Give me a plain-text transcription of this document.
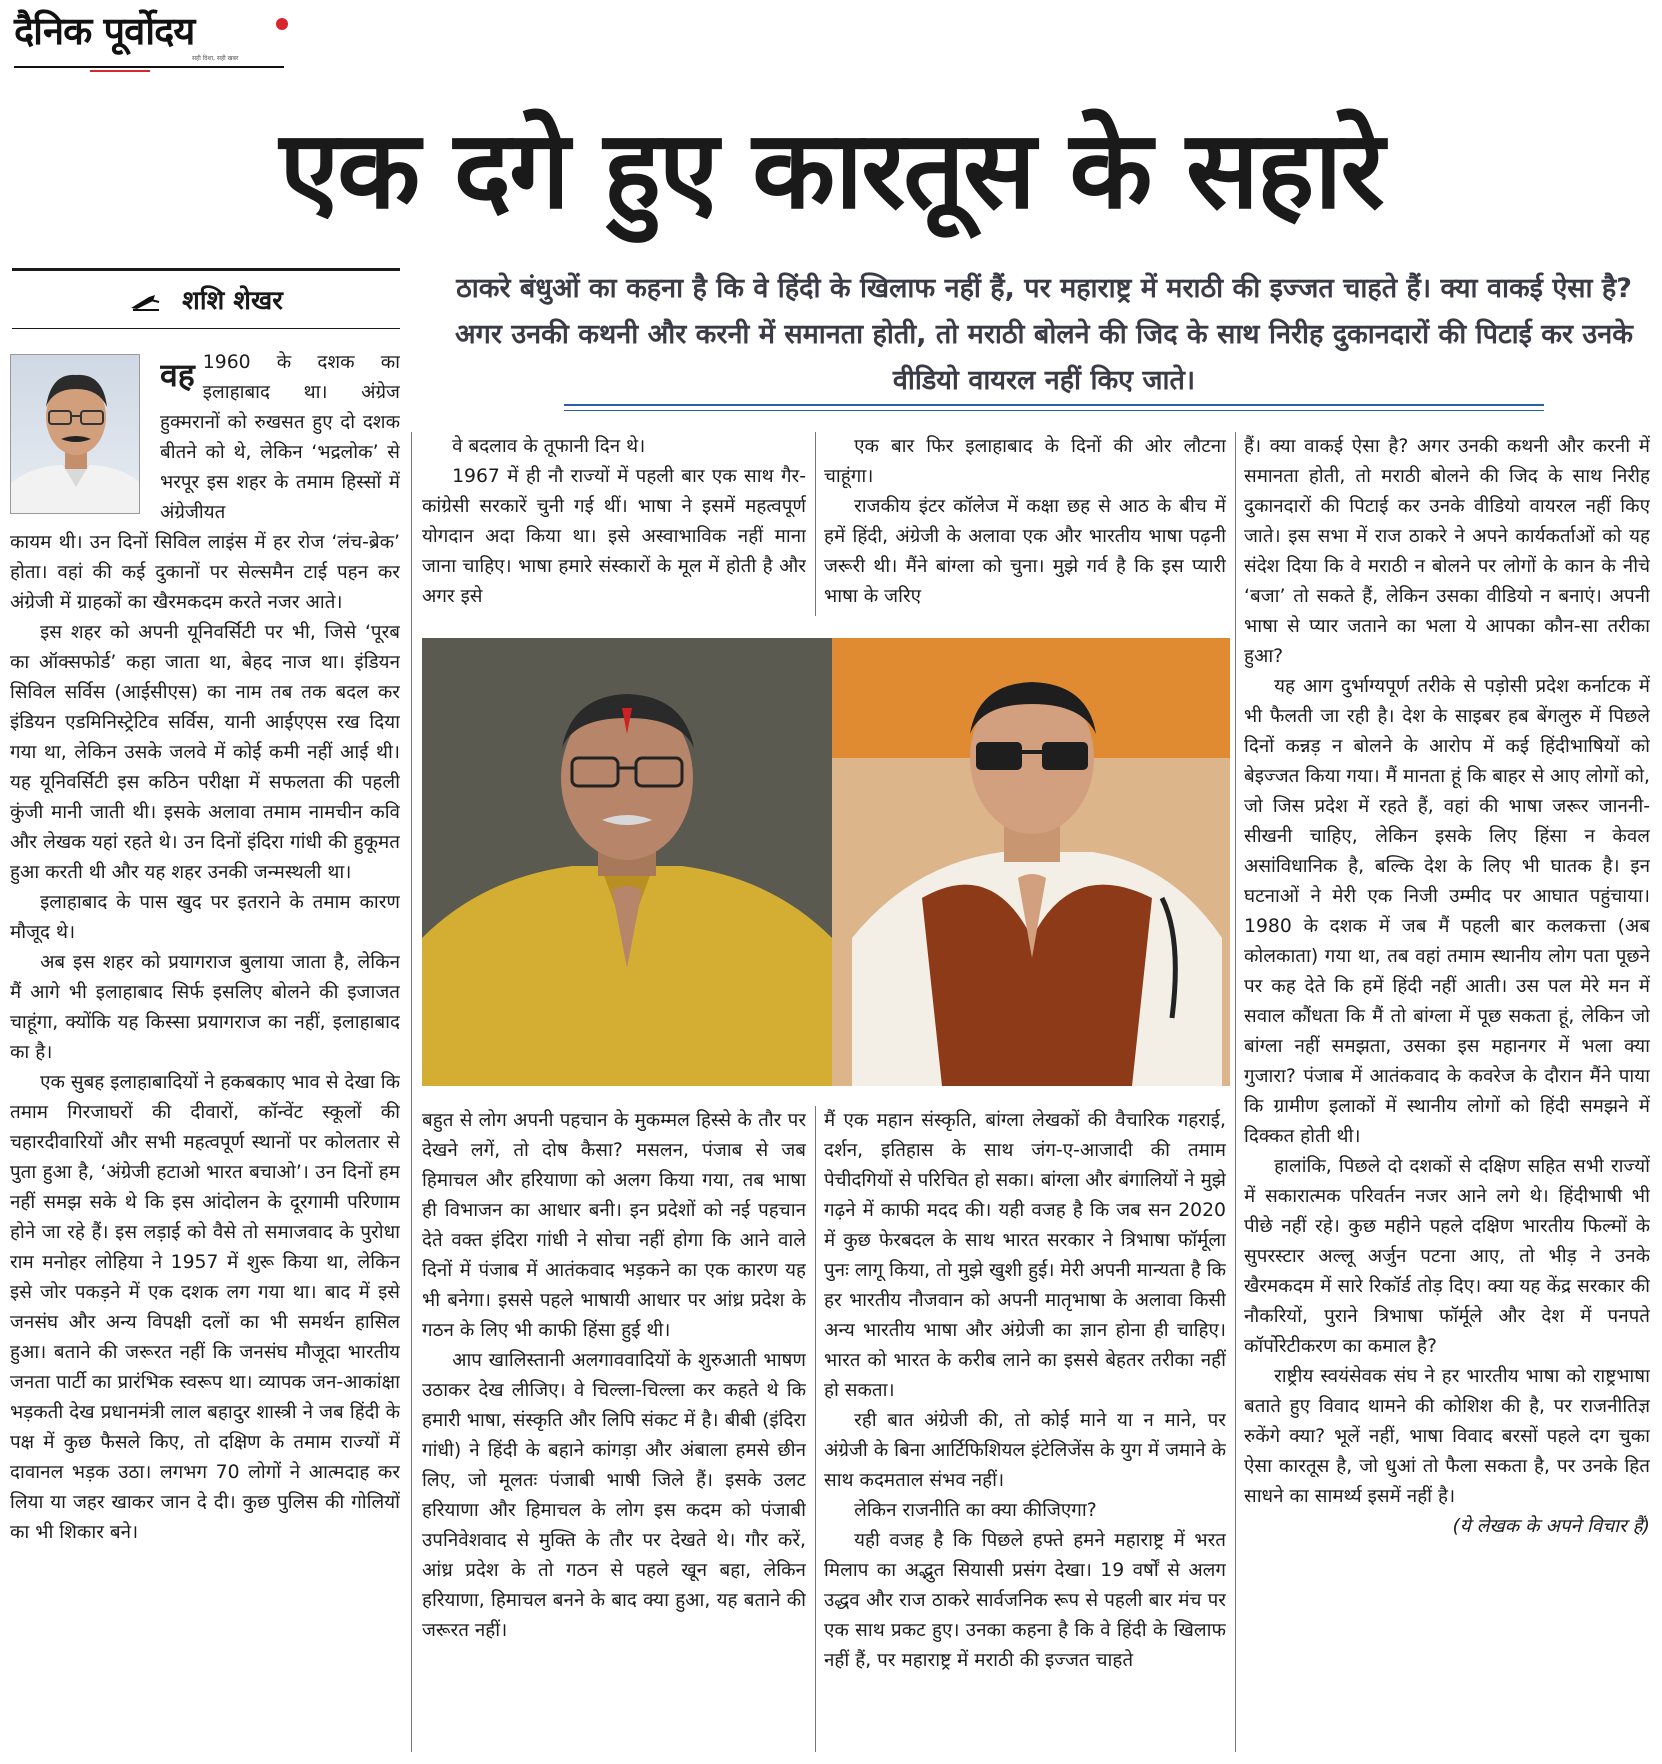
दैनिक पूर्वोदय
सही दिशा, सही खबर
एक दगे हुए कारतूस के सहारे
शशि शेखर	ठाकरे बंधुओं का कहना है कि वे हिंदी के खिलाफ नहीं हैं, पर महाराष्ट्र में मराठी की इज्जत चाहते हैं। क्या वाकई ऐसा है? अगर उनकी कथनी और करनी में समानता होती, तो मराठी बोलने की जिद के साथ निरीह दुकानदारों की पिटाई कर उनके वीडियो वायरल नहीं किए जाते।
वह 1960 के दशक का इलाहाबाद था। अंग्रेज हुक्मरानों को रुखसत हुए दो दशक बीतने को थे, लेकिन ‘भद्रलोक’ से भरपूर इस शहर के तमाम हिस्सों में अंग्रेजीयत

कायम थी। उन दिनों सिविल लाइंस में हर रोज ‘लंच-ब्रेक’ होता। वहां की कई दुकानों पर सेल्समैन टाई पहन कर अंग्रेजी में ग्राहकों का खैरमकदम करते नजर आते।

इस शहर को अपनी यूनिवर्सिटी पर भी, जिसे ‘पूरब का ऑक्सफोर्ड’ कहा जाता था, बेहद नाज था। इंडियन सिविल सर्विस (आईसीएस) का नाम तब तक बदल कर इंडियन एडमिनिस्ट्रेटिव सर्विस, यानी आईएएस रख दिया गया था, लेकिन उसके जलवे में कोई कमी नहीं आई थी। यह यूनिवर्सिटी इस कठिन परीक्षा में सफलता की पहली कुंजी मानी जाती थी। इसके अलावा तमाम नामचीन कवि और लेखक यहां रहते थे। उन दिनों इंदिरा गांधी की हुकूमत हुआ करती थी और यह शहर उनकी जन्मस्थली था।

इलाहाबाद के पास खुद पर इतराने के तमाम कारण मौजूद थे।

अब इस शहर को प्रयागराज बुलाया जाता है, लेकिन मैं आगे भी इलाहाबाद सिर्फ इसलिए बोलने की इजाजत चाहूंगा, क्योंकि यह किस्सा प्रयागराज का नहीं, इलाहाबाद का है।

एक सुबह इलाहाबादियों ने हकबकाए भाव से देखा कि तमाम गिरजाघरों की दीवारों, कॉन्वेंट स्कूलों की चहारदीवारियों और सभी महत्वपूर्ण स्थानों पर कोलतार से पुता हुआ है, ‘अंग्रेजी हटाओ भारत बचाओ’। उन दिनों हम नहीं समझ सके थे कि इस आंदोलन के दूरगामी परिणाम होने जा रहे हैं। इस लड़ाई को वैसे तो समाजवाद के पुरोधा राम मनोहर लोहिया ने 1957 में शुरू किया था, लेकिन इसे जोर पकड़ने में एक दशक लग गया था। बाद में इसे जनसंघ और अन्य विपक्षी दलों का भी समर्थन हासिल हुआ। बताने की जरूरत नहीं कि जनसंघ मौजूदा भारतीय जनता पार्टी का प्रारंभिक स्वरूप था। व्यापक जन-आकांक्षा भड़कती देख प्रधानमंत्री लाल बहादुर शास्त्री ने जब हिंदी के पक्ष में कुछ फैसले किए, तो दक्षिण के तमाम राज्यों में दावानल भड़क उठा। लगभग 70 लोगों ने आत्मदाह कर लिया या जहर खाकर जान दे दी। कुछ पुलिस की गोलियों का भी शिकार बने।

वे बदलाव के तूफानी दिन थे।

1967 में ही नौ राज्यों में पहली बार एक साथ गैर-कांग्रेसी सरकारें चुनी गई थीं। भाषा ने इसमें महत्वपूर्ण योगदान अदा किया था। इसे अस्वाभाविक नहीं माना जाना चाहिए। भाषा हमारे संस्कारों के मूल में होती है और अगर इसे

बहुत से लोग अपनी पहचान के मुकम्मल हिस्से के तौर पर देखने लगें, तो दोष कैसा? मसलन, पंजाब से जब हिमाचल और हरियाणा को अलग किया गया, तब भाषा ही विभाजन का आधार बनी। इन प्रदेशों को नई पहचान देते वक्त इंदिरा गांधी ने सोचा नहीं होगा कि आने वाले दिनों में पंजाब में आतंकवाद भड़कने का एक कारण यह भी बनेगा। इससे पहले भाषायी आधार पर आंध्र प्रदेश के गठन के लिए भी काफी हिंसा हुई थी।

आप खालिस्तानी अलगाववादियों के शुरुआती भाषण उठाकर देख लीजिए। वे चिल्ला-चिल्ला कर कहते थे कि हमारी भाषा, संस्कृति और लिपि संकट में है। बीबी (इंदिरा गांधी) ने हिंदी के बहाने कांगड़ा और अंबाला हमसे छीन लिए, जो मूलतः पंजाबी भाषी जिले हैं। इसके उलट हरियाणा और हिमाचल के लोग इस कदम को पंजाबी उपनिवेशवाद से मुक्ति के तौर पर देखते थे। गौर करें, आंध्र प्रदेश के तो गठन से पहले खून बहा, लेकिन हरियाणा, हिमाचल बनने के बाद क्या हुआ, यह बताने की जरूरत नहीं।

एक बार फिर इलाहाबाद के दिनों की ओर लौटना चाहूंगा।

राजकीय इंटर कॉलेज में कक्षा छह से आठ के बीच में हमें हिंदी, अंग्रेजी के अलावा एक और भारतीय भाषा पढ़नी जरूरी थी। मैंने बांग्ला को चुना। मुझे गर्व है कि इस प्यारी भाषा के जरिए

मैं एक महान संस्कृति, बांग्ला लेखकों की वैचारिक गहराई, दर्शन, इतिहास के साथ जंग-ए-आजादी की तमाम पेचीदगियों से परिचित हो सका। बांग्ला और बंगालियों ने मुझे गढ़ने में काफी मदद की। यही वजह है कि जब सन 2020 में कुछ फेरबदल के साथ भारत सरकार ने त्रिभाषा फॉर्मूला पुनः लागू किया, तो मुझे खुशी हुई। मेरी अपनी मान्यता है कि हर भारतीय नौजवान को अपनी मातृभाषा के अलावा किसी अन्य भारतीय भाषा और अंग्रेजी का ज्ञान होना ही चाहिए। भारत को भारत के करीब लाने का इससे बेहतर तरीका नहीं हो सकता।

रही बात अंग्रेजी की, तो कोई माने या न माने, पर अंग्रेजी के बिना आर्टिफिशियल इंटेलिजेंस के युग में जमाने के साथ कदमताल संभव नहीं।

लेकिन राजनीति का क्या कीजिएगा?

यही वजह है कि पिछले हफ्ते हमने महाराष्ट्र में भरत मिलाप का अद्भुत सियासी प्रसंग देखा। 19 वर्षों से अलग उद्धव और राज ठाकरे सार्वजनिक रूप से पहली बार मंच पर एक साथ प्रकट हुए। उनका कहना है कि वे हिंदी के खिलाफ नहीं हैं, पर महाराष्ट्र में मराठी की इज्जत चाहते

हैं। क्या वाकई ऐसा है? अगर उनकी कथनी और करनी में समानता होती, तो मराठी बोलने की जिद के साथ निरीह दुकानदारों की पिटाई कर उनके वीडियो वायरल नहीं किए जाते। इस सभा में राज ठाकरे ने अपने कार्यकर्ताओं को यह संदेश दिया कि वे मराठी न बोलने पर लोगों के कान के नीचे ‘बजा’ तो सकते हैं, लेकिन उसका वीडियो न बनाएं। अपनी भाषा से प्यार जताने का भला ये आपका कौन-सा तरीका हुआ?

यह आग दुर्भाग्यपूर्ण तरीके से पड़ोसी प्रदेश कर्नाटक में भी फैलती जा रही है। देश के साइबर हब बेंगलुरु में पिछले दिनों कन्नड़ न बोलने के आरोप में कई हिंदीभाषियों को बेइज्जत किया गया। मैं मानता हूं कि बाहर से आए लोगों को, जो जिस प्रदेश में रहते हैं, वहां की भाषा जरूर जाननी-सीखनी चाहिए, लेकिन इसके लिए हिंसा न केवल असांविधानिक है, बल्कि देश के लिए भी घातक है। इन घटनाओं ने मेरी एक निजी उम्मीद पर आघात पहुंचाया। 1980 के दशक में जब मैं पहली बार कलकत्ता (अब कोलकाता) गया था, तब वहां तमाम स्थानीय लोग पता पूछने पर कह देते कि हमें हिंदी नहीं आती। उस पल मेरे मन में सवाल कौंधता कि मैं तो बांग्ला में पूछ सकता हूं, लेकिन जो बांग्ला नहीं समझता, उसका इस महानगर में भला क्या गुजारा? पंजाब में आतंकवाद के कवरेज के दौरान मैंने पाया कि ग्रामीण इलाकों में स्थानीय लोगों को हिंदी समझने में दिक्कत होती थी।

हालांकि, पिछले दो दशकों से दक्षिण सहित सभी राज्यों में सकारात्मक परिवर्तन नजर आने लगे थे। हिंदीभाषी भी पीछे नहीं रहे। कुछ महीने पहले दक्षिण भारतीय फिल्मों के सुपरस्टार अल्लू अर्जुन पटना आए, तो भीड़ ने उनके खैरमकदम में सारे रिकॉर्ड तोड़ दिए। क्या यह केंद्र सरकार की नौकरियों, पुराने त्रिभाषा फॉर्मूले और देश में पनपते कॉर्पोरेटीकरण का कमाल है?

राष्ट्रीय स्वयंसेवक संघ ने हर भारतीय भाषा को राष्ट्रभाषा बताते हुए विवाद थामने की कोशिश की है, पर राजनीतिज्ञ रुकेंगे क्या? भूलें नहीं, भाषा विवाद बरसों पहले दग चुका ऐसा कारतूस है, जो धुआं तो फैला सकता है, पर उनके हित साधने का सामर्थ्य इसमें नहीं है।

(ये लेखक के अपने विचार हैं)
